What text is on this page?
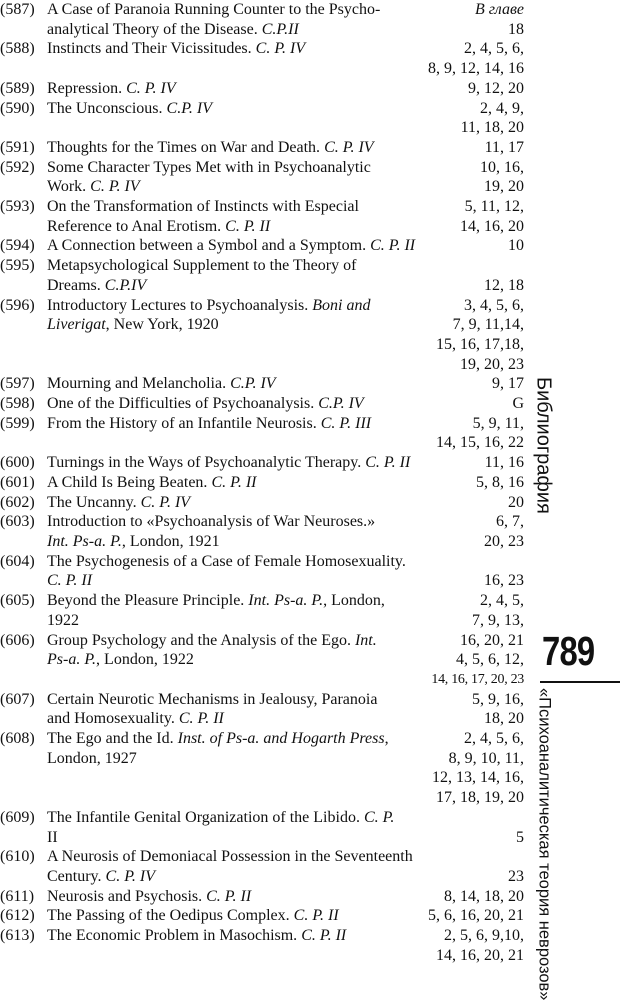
(587) A Case of Paranoia Running Counter to the Psycho-	В главе
analytical Theory of the Disease. C.P.II	18
(588) Instincts and Their Vicissitudes. C. P. IV	2, 4, 5, 6,
8, 9, 12, 14, 16
(589) Repression. C. P. IV	9, 12, 20
(590) The Unconscious. C.P. IV	2, 4, 9,
11, 18, 20
(591) Thoughts for the Times on War and Death. C. P. IV	11, 17
(592) Some Character Types Met with in Psychoanalytic	10, 16,
Work. C. P. IV	19, 20
(593) On the Transformation of Instincts with Especial	5, 11, 12,
Reference to Anal Erotism. C. P. II	14, 16, 20
(594) A Connection between a Symbol and a Symptom. C. P. II	10
(595) Metapsychological Supplement to the Theory of
Dreams. C.P.IV	12, 18
(596) Introductory Lectures to Psychoanalysis. Boni and	3, 4, 5, 6,
Liverigat, New York, 1920	7, 9, 11,14,
15, 16, 17,18,
19, 20, 23
(597) Mourning and Melancholia. C.P. IV	9, 17
(598) One of the Difficulties of Psychoanalysis. C.P. IV	G
(599) From the History of an Infantile Neurosis. C. P. III	5, 9, 11,
14, 15, 16, 22
(600) Turnings in the Ways of Psychoanalytic Therapy. C. P. II	11, 16
(601) A Child Is Being Beaten. C. P. II	5, 8, 16
(602) The Uncanny. C. P. IV	20
(603) Introduction to «Psychoanalysis of War Neuroses.»	6, 7,
Int. Ps-a. P., London, 1921	20, 23
(604) The Psychogenesis of a Case of Female Homosexuality.
C. P. II	16, 23
(605) Beyond the Pleasure Principle. Int. Ps-a. P., London,	2, 4, 5,
1922	7, 9, 13,
(606) Group Psychology and the Analysis of the Ego. Int.	16, 20, 21
Ps-a. P., London, 1922	4, 5, 6, 12,
14, 16, 17, 20, 23
(607) Certain Neurotic Mechanisms in Jealousy, Paranoia	5, 9, 16,
and Homosexuality. C. P. II	18, 20
(608) The Ego and the Id. Inst. of Ps-a. and Hogarth Press,	2, 4, 5, 6,
London, 1927	8, 9, 10, 11,
12, 13, 14, 16,
17, 18, 19, 20
(609) The Infantile Genital Organization of the Libido. C. P.
II	5
(610) A Neurosis of Demoniacal Possession in the Seventeenth
Century. C. P. IV	23
(611) Neurosis and Psychosis. C. P. II	8, 14, 18, 20
(612) The Passing of the Oedipus Complex. C. P. II	5, 6, 16, 20, 21
(613) The Economic Problem in Masochism. C. P. II	2, 5, 6, 9,10,
14, 16, 20, 21
Библиография
789
«Психоаналитическая теория неврозов»
